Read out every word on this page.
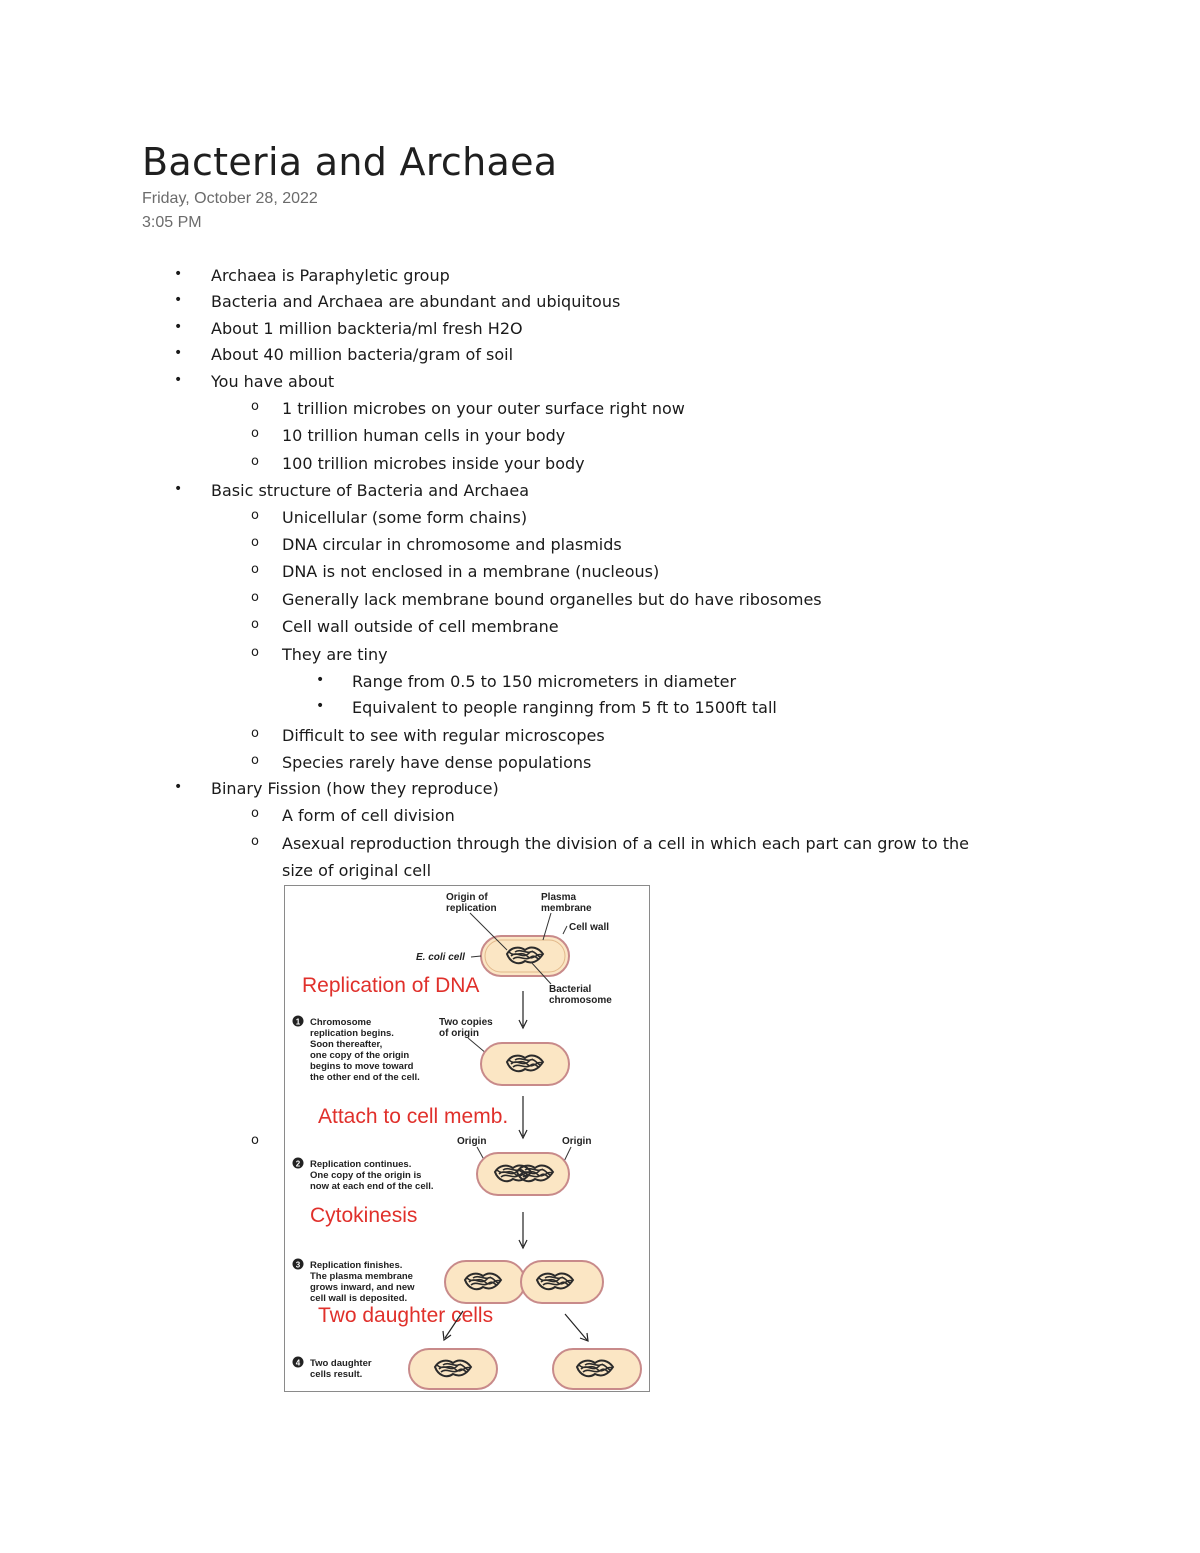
Bacteria and Archaea
Friday, October 28, 2022
3:05 PM
• Archaea is Paraphyletic group
• Bacteria and Archaea are abundant and ubiquitous
• About 1 million backteria/ml fresh H2O
• About 40 million bacteria/gram of soil
• You have about
o 1 trillion microbes on your outer surface right now
o 10 trillion human cells in your body
o 100 trillion microbes inside your body
• Basic structure of Bacteria and Archaea
o Unicellular (some form chains)
o DNA circular in chromosome and plasmids
o DNA is not enclosed in a membrane (nucleous)
o Generally lack membrane bound organelles but do have ribosomes
o Cell wall outside of cell membrane
o They are tiny
• Range from 0.5 to 150 micrometers in diameter
• Equivalent to people ranginng from 5 ft to 1500ft tall
o Difficult to see with regular microscopes
o Species rarely have dense populations
• Binary Fission (how they reproduce)
o A form of cell division
o Asexual reproduction through the division of a cell in which each part can grow to the
size of original cell
o
Origin of
replication
Plasma
membrane
Cell wall
E. coli cell
Bacterial
chromosome
Replication of DNA
1 Chromosome replication begins. Soon thereafter, one copy of the origin begins to move toward the other end of the cell.
Two copies
of origin
Attach to cell memb.
Origin	Origin
2 Replication continues. One copy of the origin is now at each end of the cell.
Cytokinesis
3 Replication finishes. The plasma membrane grows inward, and new cell wall is deposited.
Two daughter cells
4 Two daughter cells result.
